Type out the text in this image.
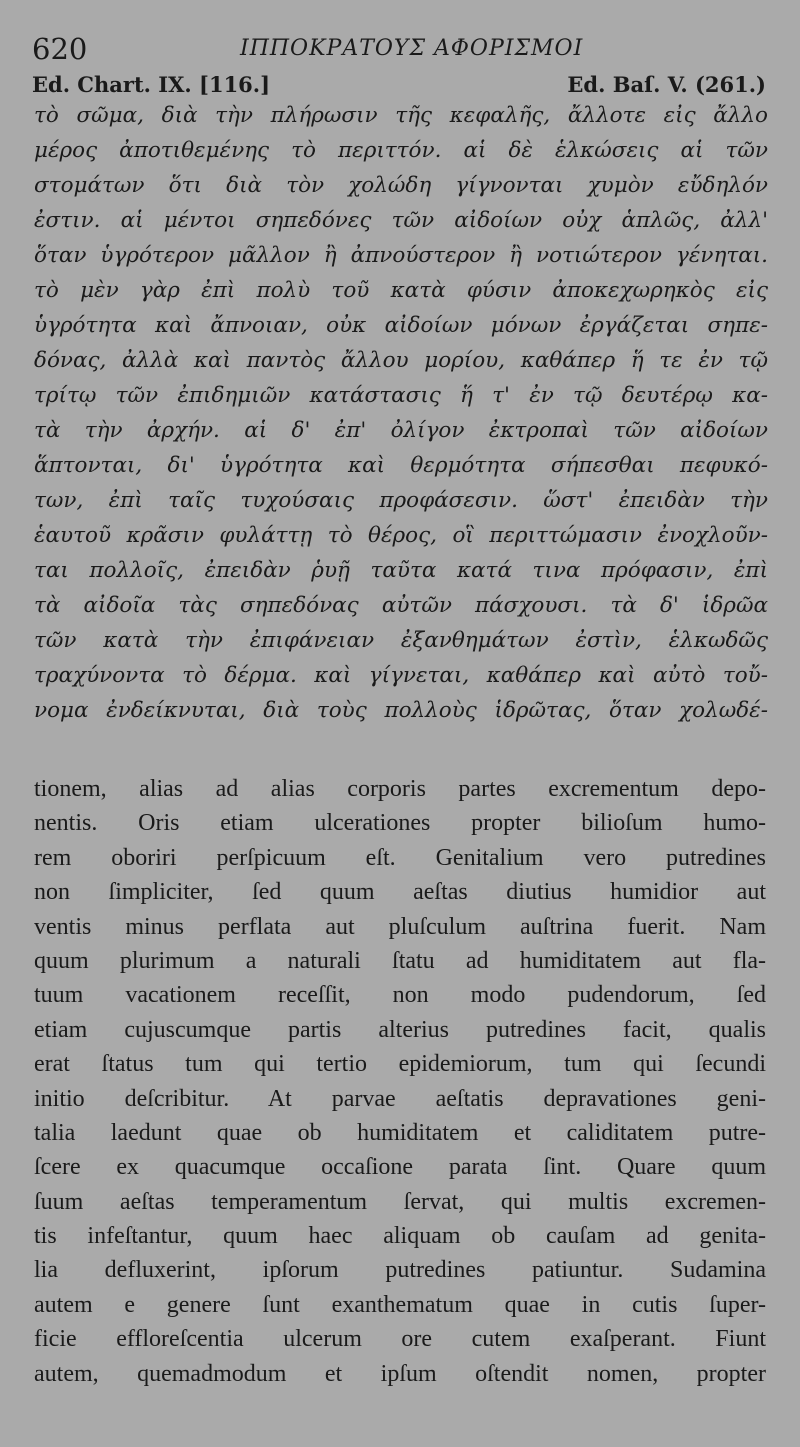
620	ΙΠΠΟΚΡΑΤΟΥΣ ΑΦΟΡΙΣΜΟΙ
Ed. Chart. IX. [116.]	Ed. Baſ. V. (261.)
τὸ σῶμα, διὰ τὴν πλήρωσιν τῆς κεφαλῆς, ἄλλοτε εἰς ἄλλο
μέρος ἀποτιθεμένης τὸ περιττόν. αἱ δὲ ἑλκώσεις αἱ τῶν
στομάτων ὅτι διὰ τὸν χολώδη γίγνονται χυμὸν εὔδηλόν
ἐστιν. αἱ μέντοι σηπεδόνες τῶν αἰδοίων οὐχ ἁπλῶς, ἀλλ'
ὅταν ὑγρότερον μᾶλλον ἢ ἀπνούστερον ἢ νοτιώτερον γένηται.
τὸ μὲν γὰρ ἐπὶ πολὺ τοῦ κατὰ φύσιν ἀποκεχωρηκὸς εἰς
ὑγρότητα καὶ ἄπνοιαν, οὐκ αἰδοίων μόνων ἐργάζεται σηπε-
δόνας, ἀλλὰ καὶ παντὸς ἄλλου μορίου, καθάπερ ἥ τε ἐν τῷ
τρίτῳ τῶν ἐπιδημιῶν κατάστασις ἥ τ' ἐν τῷ δευτέρῳ κα-
τὰ τὴν ἀρχήν. αἱ δ' ἐπ' ὀλίγον ἐκτροπαὶ τῶν αἰδοίων
ἅπτονται, δι' ὑγρότητα καὶ θερμότητα σήπεσθαι πεφυκό-
των, ἐπὶ ταῖς τυχούσαις προφάσεσιν. ὥστ' ἐπειδὰν τὴν
ἑαυτοῦ κρᾶσιν φυλάττῃ τὸ θέρος, οἳ περιττώμασιν ἐνοχλοῦν-
ται πολλοῖς, ἐπειδὰν ῥυῇ ταῦτα κατά τινα πρόφασιν, ἐπὶ
τὰ αἰδοῖα τὰς σηπεδόνας αὐτῶν πάσχουσι. τὰ δ' ἱδρῶα
τῶν κατὰ τὴν ἐπιφάνειαν ἐξανθημάτων ἐστὶν, ἑλκωδῶς
τραχύνοντα τὸ δέρμα. καὶ γίγνεται, καθάπερ καὶ αὐτὸ τοὔ-
νομα ἐνδείκνυται, διὰ τοὺς πολλοὺς ἱδρῶτας, ὅταν χολωδέ-
tionem, alias ad alias corporis partes excrementum depo-
nentis. Oris etiam ulcerationes propter bilioſum humo-
rem oboriri perſpicuum eſt. Genitalium vero putredines
non ſimpliciter, ſed quum aeſtas diutius humidior aut
ventis minus perflata aut pluſculum auſtrina fuerit. Nam
quum plurimum a naturali ſtatu ad humiditatem aut fla-
tuum vacationem receſſit, non modo pudendorum, ſed
etiam cujuscumque partis alterius putredines facit, qualis
erat ſtatus tum qui tertio epidemiorum, tum qui ſecundi
initio deſcribitur. At parvae aeſtatis depravationes geni-
talia laedunt quae ob humiditatem et caliditatem putre-
ſcere ex quacumque occaſione parata ſint. Quare quum
ſuum aeſtas temperamentum ſervat, qui multis excremen-
tis infeſtantur, quum haec aliquam ob cauſam ad genita-
lia defluxerint, ipſorum putredines patiuntur. Sudamina
autem e genere ſunt exanthematum quae in cutis ſuper-
ficie effloreſcentia ulcerum ore cutem exaſperant. Fiunt
autem, quemadmodum et ipſum oſtendit nomen, propter
